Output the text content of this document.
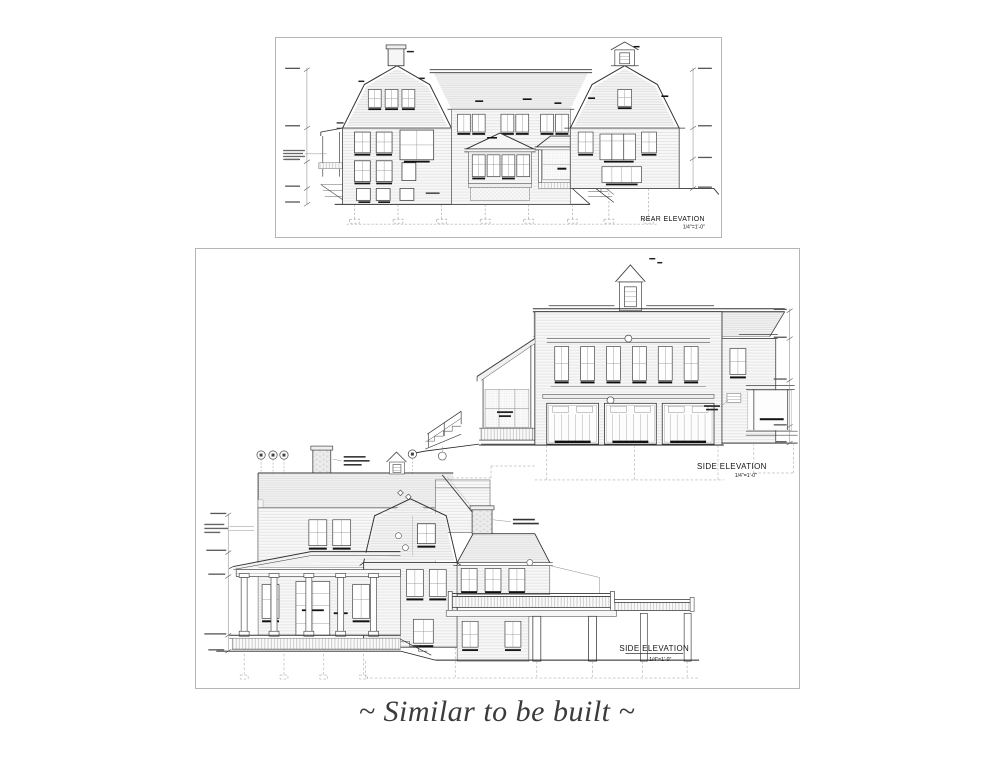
REAR ELEVATION
1/4"=1'-0"
SIDE ELEVATION
1/4"=1'-0"
SIDE ELEVATION
1/4"=1'-0"
~ Similar to be built ~
